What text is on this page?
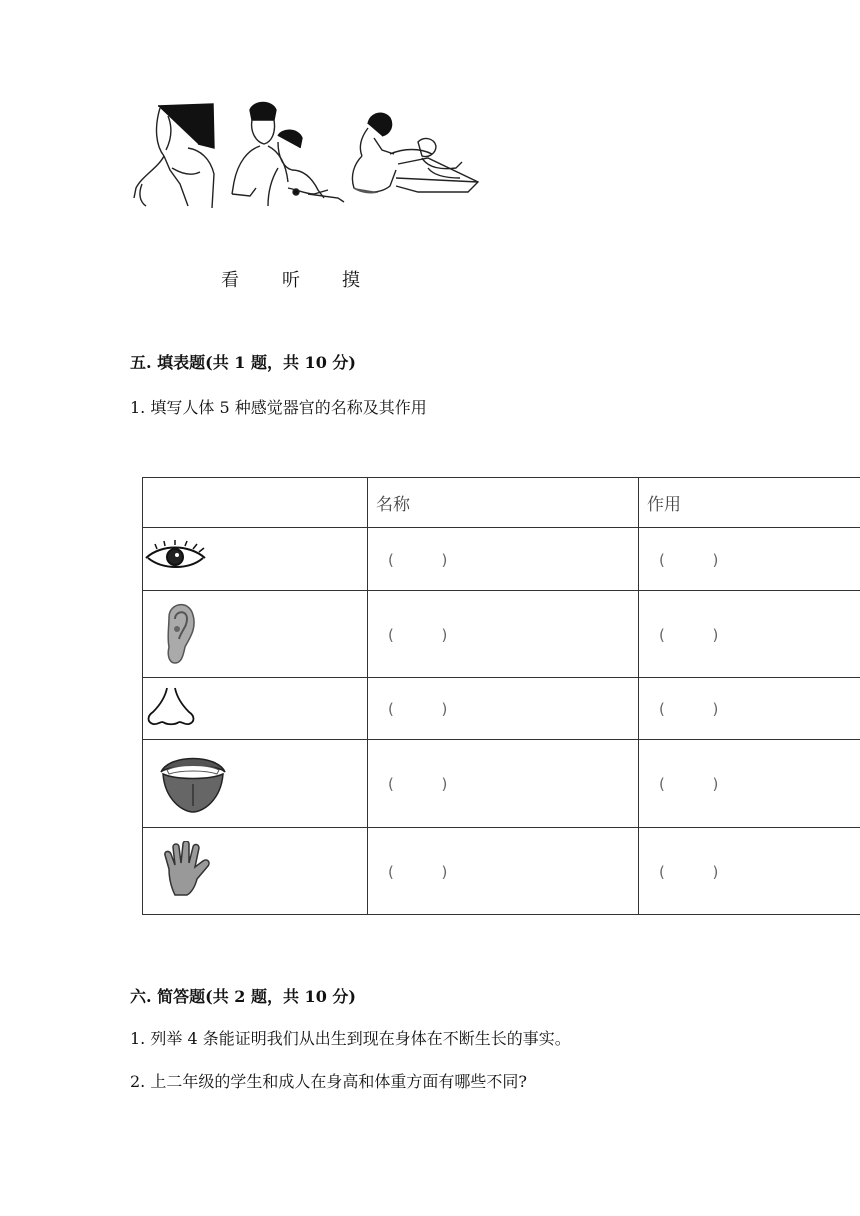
看 听 摸
五. 填表题(共 1 题，共 10 分)
1. 填写人体 5 种感觉器官的名称及其作用
	名称	作用
	(          )	(          )
	(          )	(          )
	(          )	(          )
	(          )	(          )
	(          )	(          )
六. 简答题(共 2 题，共 10 分)
1. 列举 4 条能证明我们从出生到现在身体在不断生长的事实。
2. 上二年级的学生和成人在身高和体重方面有哪些不同?
